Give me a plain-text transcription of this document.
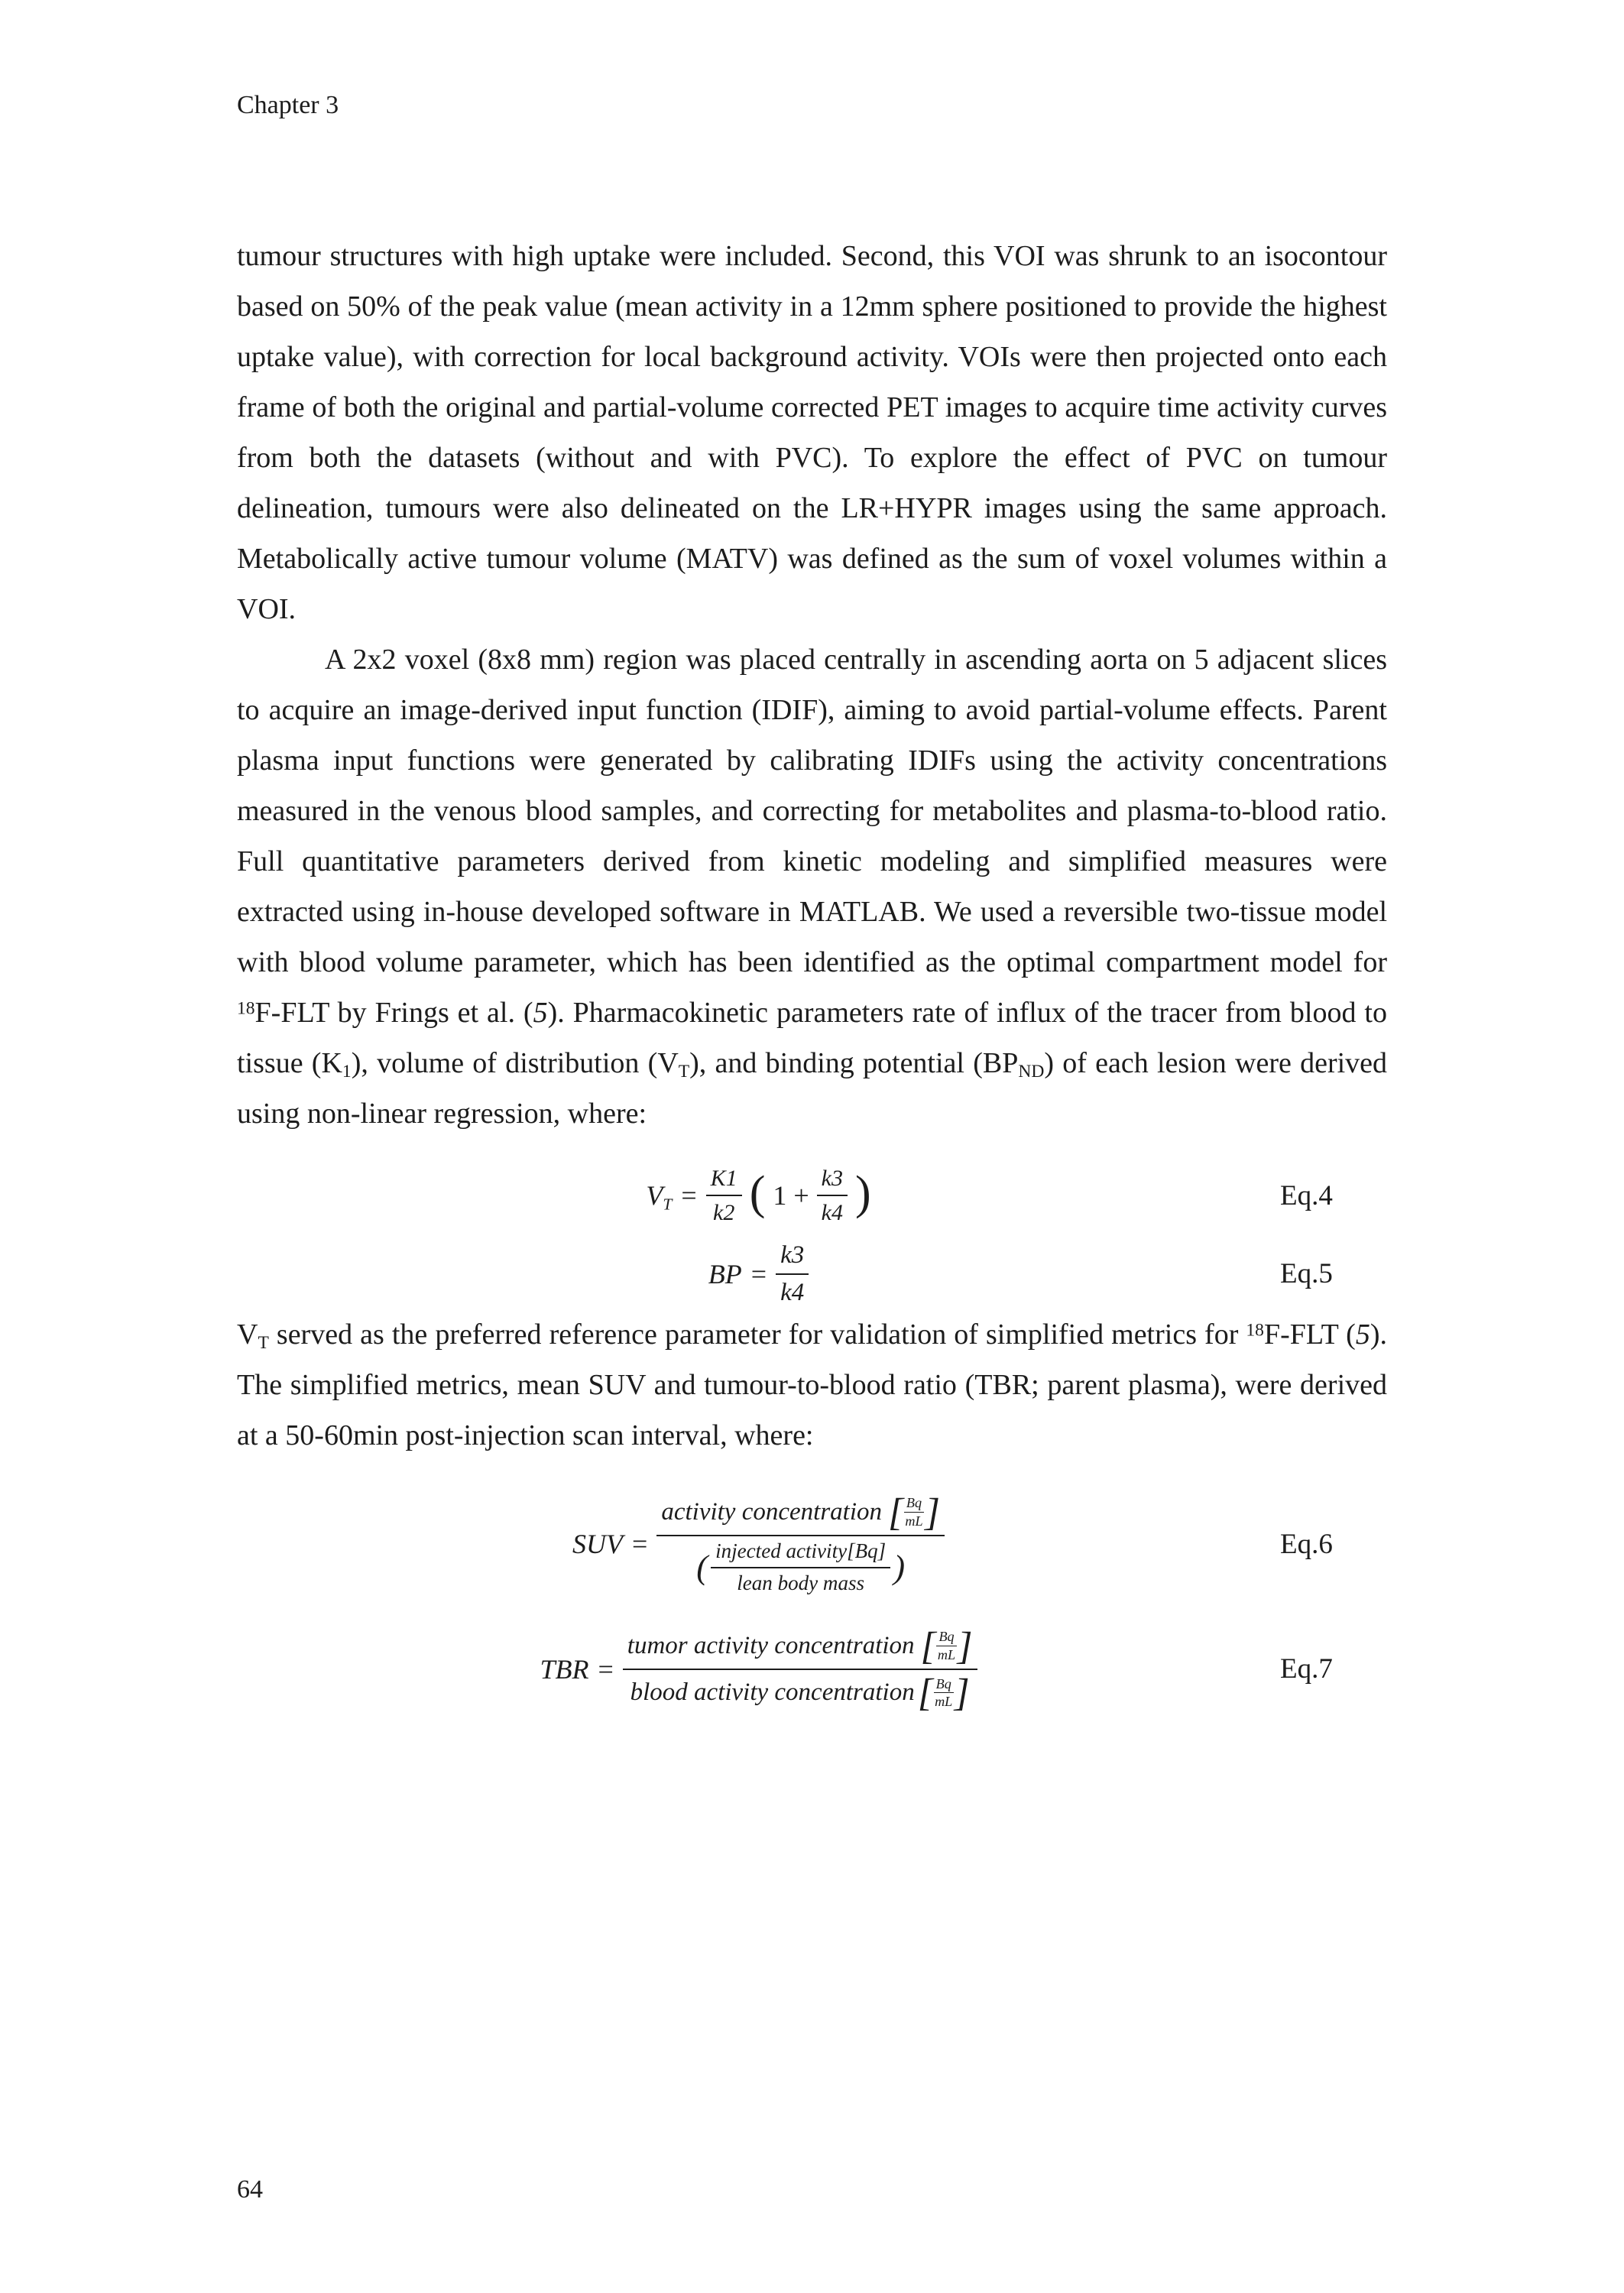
Chapter 3

tumour structures with high uptake were included. Second, this VOI was shrunk to an isocontour based on 50% of the peak value (mean activity in a 12mm sphere positioned to provide the highest uptake value), with correction for local background activity. VOIs were then projected onto each frame of both the original and partial-volume corrected PET images to acquire time activity curves from both the datasets (without and with PVC). To explore the effect of PVC on tumour delineation, tumours were also delineated on the LR+HYPR images using the same approach. Metabolically active tumour volume (MATV) was defined as the sum of voxel volumes within a VOI.

A 2x2 voxel (8x8 mm) region was placed centrally in ascending aorta on 5 adjacent slices to acquire an image-derived input function (IDIF), aiming to avoid partial-volume effects. Parent plasma input functions were generated by calibrating IDIFs using the activity concentrations measured in the venous blood samples, and correcting for metabolites and plasma-to-blood ratio. Full quantitative parameters derived from kinetic modeling and simplified measures were extracted using in-house developed software in MATLAB. We used a reversible two-tissue model with blood volume parameter, which has been identified as the optimal compartment model for $^{18}$F-FLT by Frings et al. (5). Pharmacokinetic parameters rate of influx of the tracer from blood to tissue $(K_1)$, volume of distribution $(V_T)$, and binding potential $(BP_{ND})$ of each lesion were derived using non-linear regression, where:

$V_T = \frac{K1}{k2}$ ( $1 + \frac{k3}{k4}$ )	Eq.4
BP = $\frac{k3}{k4}$	Eq.5

$V_T$ served as the preferred reference parameter for validation of simplified metrics for $^{18}$F-FLT (5). The simplified metrics, mean SUV and tumour-to-blood ratio (TBR; parent plasma), were derived at a 50-60min post-injection scan interval, where:

SUV =
activity concentration [ $\frac{Bq}{mL}$ ]
( $\frac{\text{injected activity[Bq]}}{\text{lean body mass}}$ )
Eq.6
TBR =
tumor activity concentration [ $\frac{Bq}{mL}$ ]
blood activity concentration [ $\frac{Bq}{mL}$ ]
Eq.7
64
